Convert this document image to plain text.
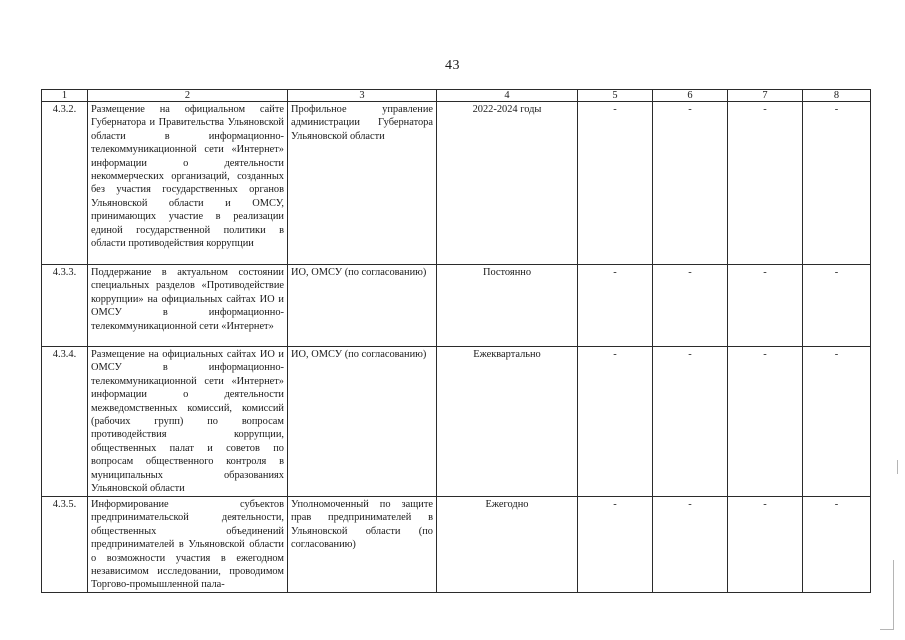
43
1	2	3	4	5	6	7	8
4.3.2.	Размещение на официальном сайте Губернатора и Правительства Ульяновской области в информационно-телекоммуникационной сети «Интернет» информации о деятельности некоммерческих организаций, созданных без участия государственных органов Ульяновской области и ОМСУ, принимающих участие в реализации единой государственной политики в области противодействия коррупции	Профильное управление администрации Губернатора Ульяновской области	2022-2024 годы	-	-	-	-
4.3.3.	Поддержание в актуальном состоянии специальных разделов «Противодействие коррупции» на официальных сайтах ИО и ОМСУ в информационно-телекоммуникационной сети «Интернет»	ИО, ОМСУ (по согласованию)	Постоянно	-	-	-	-
4.3.4.	Размещение на официальных сайтах ИО и ОМСУ в информационно-телекоммуникационной сети «Интернет» информации о деятельности межведомственных комиссий, комиссий (рабочих групп) по вопросам противодействия коррупции, общественных палат и советов по вопросам общественного контроля в муниципальных образованиях Ульяновской области	ИО, ОМСУ (по согласованию)	Ежеквартально	-	-	-	-
4.3.5.	Информирование субъектов предпринимательской деятельности, общественных объединений предпринимателей в Ульяновской области о возможности участия в ежегодном независимом исследовании, проводимом Торгово-промышленной пала-	Уполномоченный по защите прав предпринимателей в Ульяновской области (по согласованию)	Ежегодно	-	-	-	-
